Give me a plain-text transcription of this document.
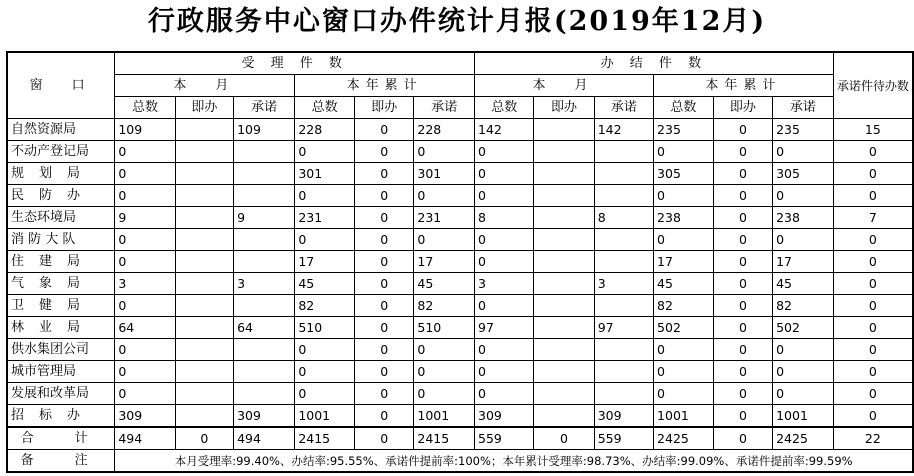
行政服务中心窗口办件统计月报(2019年12月)
窗　口	受 理 件 数						办 结 件 数						承诺件待办数
	本　月			本年累计			本　月			本年累计			
	总数	即办	承诺	总数	即办	承诺	总数	即办	承诺	总数	即办	承诺	
自然资源局	109		109	228	0	228	142		142	235	0	235	15
不动产登记局	0			0	0	0	0			0	0	0	0
规　划　局	0			301	0	301	0			305	0	305	0
民　防　办	0			0	0	0	0			0	0	0	0
生态环境局	9		9	231	0	231	8		8	238	0	238	7
消 防 大 队	0			0	0	0	0			0	0	0	0
住　建　局	0			17	0	17	0			17	0	17	0
气　象　局	3		3	45	0	45	3		3	45	0	45	0
卫　健　局	0			82	0	82	0			82	0	82	0
林　业　局	64		64	510	0	510	97		97	502	0	502	0
供水集团公司	0			0	0	0	0			0	0	0	0
城市管理局	0			0	0	0	0			0	0	0	0
发展和改革局	0			0	0	0	0			0	0	0	0
招　标　办	309		309	1001	0	1001	309		309	1001	0	1001	0
合　计	494	0	494	2415	0	2415	559	0	559	2425	0	2425	22
备　注	本月受理率:99.40%、办结率:95.55%、承诺件提前率:100%；本年累计受理率:98.73%、办结率:99.09%、承诺件提前率:99.59%												
